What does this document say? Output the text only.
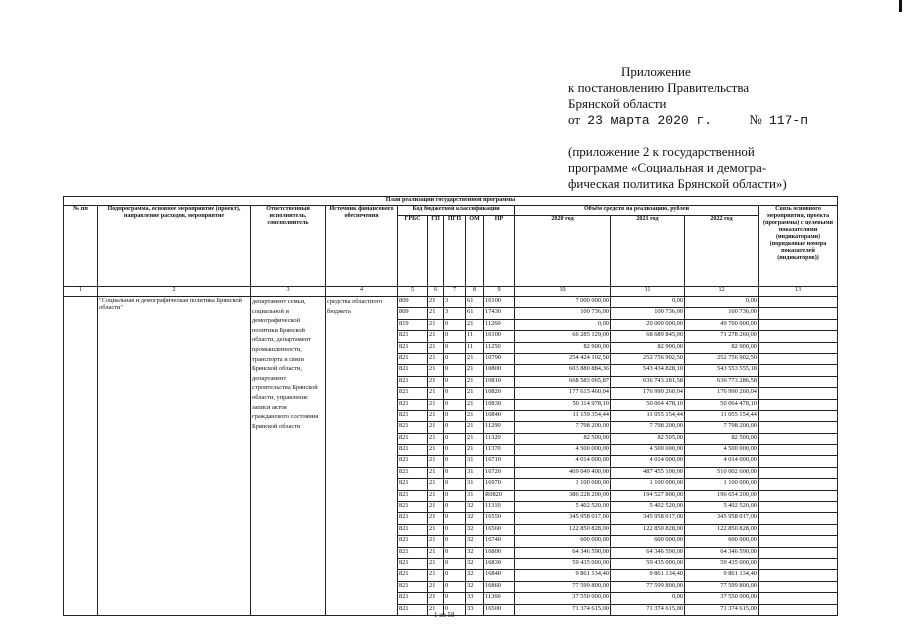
Приложение
к постановлению Правительства
Брянской области
от 23 марта 2020 г.	№ 117-п
(приложение 2 к государственной
программе «Социальная и демогра-
фическая политика Брянской области»)
План реализации государственной программы												
№ пп	Подпрограмма, основное мероприятие (проект), направление расходов, мероприятие	Ответственный исполнитель, соисполнитель	Источник финансового обеспечения	Код бюджетной классификации					Объём средств на реализацию, рублей			Связь основного мероприятия, проекта (программы) с целевыми показателями (индикаторами) (порядковые номера показателей (индикаторов))
				ГРБС	ГП	ПГП	ОМ	НР	2020 год	2021 год	2022 год	
1	2	3	4	5	6	7	8	9	10	11	12	13
	"Социальная и демографическая политика Брянской области"	департамент семьи, социальной и демографической политики Брянской области, департамент промышленности, транспорта и связи Брянской области, департамент строительства Брянской области, управление записи актов гражданского состояния Брянской области	средства областного бюджета	809	21	3	61	10100	7 000 000,00	0,00	0,00	
				809	21	3	61	17430	100 736,00	100 736,00	100 736,00	
				819	21	0	21	11260	0,00	20 000 000,00	49 700 000,00	
				821	21	0	11	10100	66 285 129,00	68 689 845,00	71 278 260,00	
				821	21	0	11	11250	82 900,00	82 900,00	82 900,00	
				821	21	0	21	10790	254 424 102,50	252 756 902,50	252 756 902,50	
				821	21	0	21	10800	603 880 884,36	543 434 828,10	543 553 555,18	
				821	21	0	21	10810	668 583 065,87	636 743 281,58	636 773 286,58	
				821	21	0	21	10820	177 615 460,04	176 990 260,04	176 990 260,04	
				821	21	0	21	10830	50 114 978,10	50 064 478,10	50 064 478,10	
				821	21	0	21	10840	11 159 354,44	11 055 154,44	11 055 154,44	
				821	21	0	21	11290	7 798 200,00	7 798 200,00	7 798 200,00	
				821	21	0	21	11320	82 500,00	82 505,00	82 500,00	
				821	21	0	21	11370	4 500 000,00	4 500 000,00	4 500 000,00	
				821	21	0	31	16710	4 014 000,00	4 014 000,00	4 014 000,00	
				821	21	0	31	16720	469 049 400,00	487 455 100,00	510 002 600,00	
				821	21	0	31	16970	1 100 000,00	1 100 000,00	1 100 000,00	
				821	21	0	31	R0820	386 228 200,00	194 527 800,00	196 654 200,00	
				821	21	0	32	11310	5 402 520,00	5 402 520,00	5 402 520,00	
				821	21	0	32	16550	345 958 017,00	345 958 017,00	345 958 017,00	
				821	21	0	32	16560	122 850 828,00	122 850 828,00	122 850 828,00	
				821	21	0	32	16740	600 000,00	600 000,00	600 000,00	
				821	21	0	32	16800	64 346 590,00	64 346 590,00	64 346 590,00	
				821	21	0	32	16830	59 435 000,00	59 435 000,00	59 435 000,00	
				821	21	0	32	16840	9 861 134,40	9 861 134,40	9 861 134,40	
				821	21	0	32	16860	77 599 800,00	77 599 800,00	77 599 800,00	
				821	21	0	33	11360	37 550 000,00	0,00	37 550 000,00	
				821	21	0	33	16500	71 374 615,00	71 374 615,00	71 374 615,00	
1 из 58
